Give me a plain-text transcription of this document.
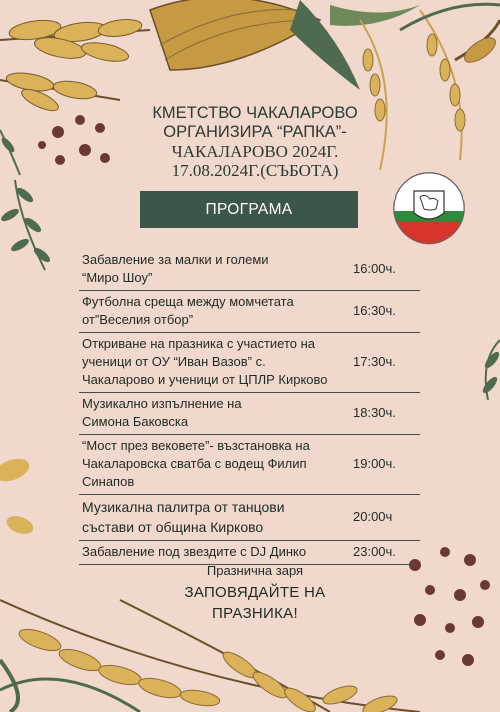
КМЕТСТВО ЧАКАЛАРОВО
ОРГАНИЗИРА “РАПКА”-
ЧАКАЛАРОВО 2024Г.
17.08.2024Г.(СЪБОТА)
ПРОГРАМА
Забавление за малки и големи
“Миро Шоу”
16:00ч.
Футболна среща между момчетата
от”Веселия отбор”
16:30ч.
Откриване на празника с участието на
ученици от ОУ “Иван Вазов” с.
Чакаларово и ученици от ЦПЛР Кирково
17:30ч.
Музикално изпълнение на
Симона Баковска
18:30ч.
“Мост през вековете”- възстановка на
Чакаларовска сватба с водещ Филип
Синапов
19:00ч.
Музикална палитра от танцови
състави от община Кирково
20:00ч
Забавление под звездите с DJ Динко	23:00ч.
Празнична заря
ЗАПОВЯДАЙТЕ НА
ПРАЗНИКА!
